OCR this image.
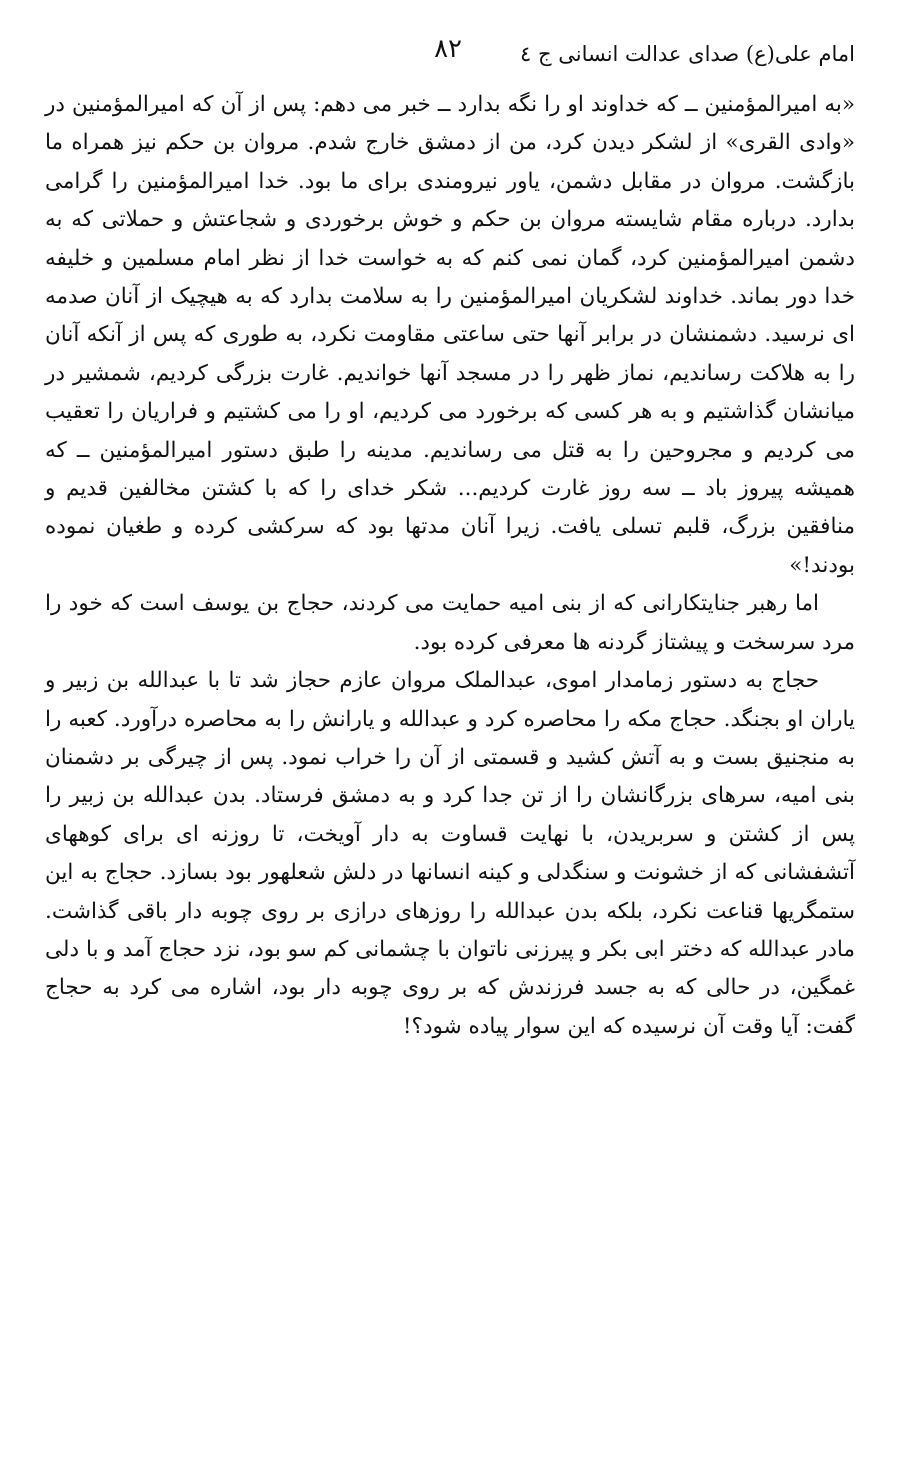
امام علی(ع) صدای عدالت انسانی ج ٤
٨٢

«به امیرالمؤمنین ــ که خداوند او را نگه بدارد ــ خبر می دهم: پس از آن که امیرالمؤمنین در «وادی القری» از لشکر دیدن کرد، من از دمشق خارج شدم. مروان بن حکم نیز همراه ما بازگشت. مروان در مقابل دشمن، یاور نیرومندی برای ما بود. خدا امیرالمؤمنین را گرامی بدارد. درباره مقام شایسته مروان بن حکم و خوش برخوردی و شجاعتش و حملاتی که به دشمن امیرالمؤمنین کرد، گمان نمی کنم که به خواست خدا از نظر امام مسلمین و خلیفه خدا دور بماند. خداوند لشکریان امیرالمؤمنین را به سلامت بدارد که به هیچیک از آنان صدمه ای نرسید. دشمنشان در برابر آنها حتی ساعتی مقاومت نکرد، به طوری که پس از آنکه آنان را به هلاکت رساندیم، نماز ظهر را در مسجد آنها خواندیم. غارت بزرگی کردیم، شمشیر در میانشان گذاشتیم و به هر کسی که برخورد می کردیم، او را می کشتیم و فراریان را تعقیب می کردیم و مجروحین را به قتل می رساندیم. مدینه را طبق دستور امیرالمؤمنین ــ که همیشه پیروز باد ــ سه روز غارت کردیم... شکر خدای را که با کشتن مخالفین قدیم و منافقین بزرگ، قلبم تسلی یافت. زیرا آنان مدتها بود که سرکشی کرده و طغیان نموده بودند!»

اما رهبر جنایتکارانی که از بنی امیه حمایت می کردند، حجاج بن یوسف است که خود را مرد سرسخت و پیشتاز گردنه ها معرفی کرده بود.

حجاج به دستور زمامدار اموی، عبدالملک مروان عازم حجاز شد تا با عبدالله بن زبیر و یاران او بجنگد. حجاج مکه را محاصره کرد و عبدالله و یارانش را به محاصره درآورد. کعبه را به منجنیق بست و به آتش کشید و قسمتی از آن را خراب نمود. پس از چیرگی بر دشمنان بنی امیه، سرهای بزرگانشان را از تن جدا کرد و به دمشق فرستاد. بدن عبدالله بن زبیر را پس از کشتن و سربریدن، با نهایت قساوت به دار آویخت، تا روزنه ای برای کوههای آتشفشانی که از خشونت و سنگدلی و کینه انسانها در دلش شعلهور بود بسازد. حجاج به این ستمگریها قناعت نکرد، بلکه بدن عبدالله را روزهای درازی بر روی چوبه دار باقی گذاشت. مادر عبدالله که دختر ابی بکر و پیرزنی ناتوان با چشمانی کم سو بود، نزد حجاج آمد و با دلی غمگین، در حالی که به جسد فرزندش که بر روی چوبه دار بود، اشاره می کرد به حجاج گفت: آیا وقت آن نرسیده که این سوار پیاده شود؟!
